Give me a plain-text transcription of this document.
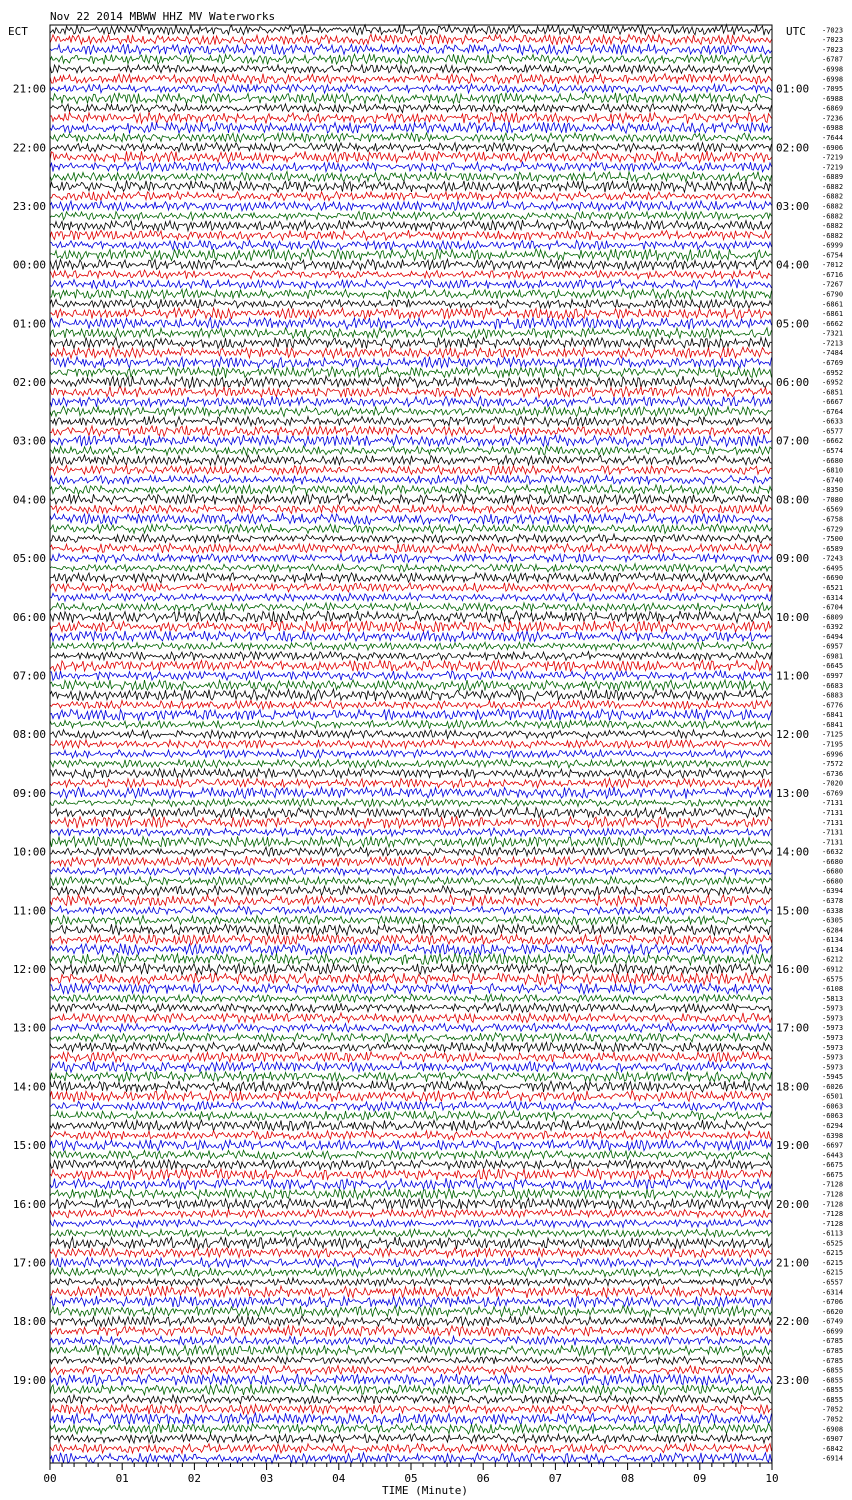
Nov 22 2014 MBWW HHZ MV Waterworks
ECT	UTC
21:00
22:00
23:00
00:00
01:00
02:00
03:00
04:00
05:00
06:00
07:00
08:00
09:00
10:00
11:00
12:00
13:00
14:00
15:00
16:00
17:00
18:00
19:00
01:00
02:00
03:00
04:00
05:00
06:00
07:00
08:00
09:00
10:00
11:00
12:00
13:00
14:00
15:00
16:00
17:00
18:00
19:00
20:00
21:00
22:00
23:00
-7023
-7023
-7023
-6787
-6998
-6998
-7095
-6988
-6869
-7236
-6988
-7644
-6906
-7219
-7219
-6889
-6882
-6882
-6882
-6882
-6882
-6882
-6999
-6754
-7012
-6716
-7267
-6790
-6861
-6861
-6662
-7321
-7213
-7484
-6769
-6952
-6952
-6851
-6667
-6764
-6633
-6577
-6662
-6574
-6680
-6810
-6740
-8350
-7080
-6569
-6758
-6729
-7500
-6589
-7243
-6495
-6690
-6521
-6314
-6704
-6809
-6392
-6494
-6957
-6981
-6645
-6997
-6683
-6883
-6776
-6841
-6841
-7125
-7195
-6996
-7572
-6736
-7020
-6769
-7131
-7131
-7131
-7131
-7131
-6632
-6680
-6680
-6680
-6394
-6378
-6338
-6305
-6284
-6134
-6134
-6212
-6912
-6575
-6108
-5813
-5973
-5973
-5973
-5973
-5973
-5973
-5973
-5945
-6026
-6501
-6063
-6063
-6294
-6398
-6697
-6443
-6675
-6675
-7128
-7128
-7128
-7128
-7128
-6113
-6525
-6215
-6215
-6215
-6557
-6314
-6706
-6620
-6749
-6699
-6785
-6785
-6785
-6855
-6855
-6855
-6855
-7052
-7052
-6908
-6907
-6842
-6914
00	01	02	03	04	05	06	07	08	09	10
TIME (Minute)
